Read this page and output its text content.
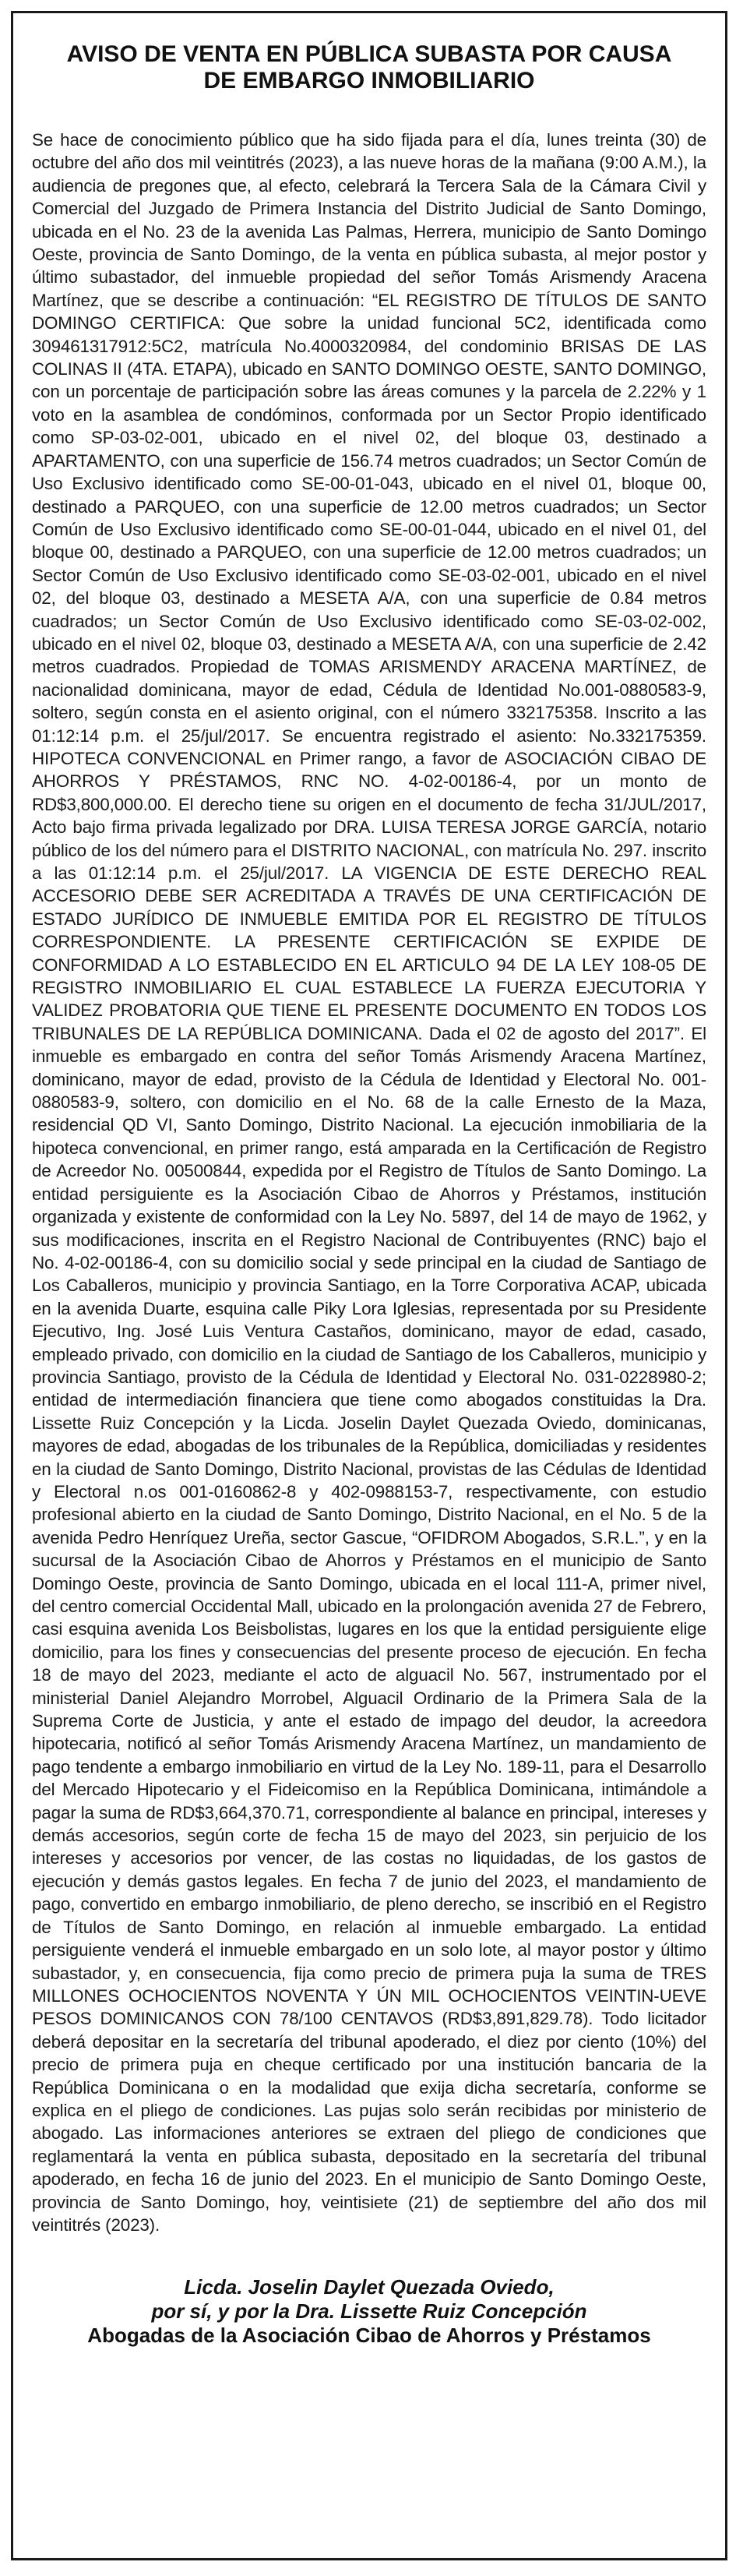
AVISO DE VENTA EN PÚBLICA SUBASTA POR CAUSA
DE EMBARGO INMOBILIARIO

Se hace de conocimiento público que ha sido fijada para el día, lunes treinta (30) de octubre del año dos mil veintitrés (2023), a las nueve horas de la mañana (9:00 A.M.), la audiencia de pregones que, al efecto, celebrará la Tercera Sala de la Cámara Civil y Comercial del Juzgado de Primera Instancia del Distrito Judicial de Santo Domingo, ubicada en el No. 23 de la avenida Las Palmas, Herrera, municipio de Santo Domingo Oeste, provincia de Santo Domingo, de la venta en pública subasta, al mejor postor y último subastador, del inmueble propiedad del señor Tomás Arismendy Aracena Martínez, que se describe a continuación: “EL REGISTRO DE TÍTULOS DE SANTO DOMINGO CERTIFICA: Que sobre la unidad funcional 5C2, identificada como 309461317912:5C2, matrícula No.4000320984, del condominio BRISAS DE LAS COLINAS II (4TA. ETAPA), ubicado en SANTO DOMINGO OESTE, SANTO DOMINGO, con un porcentaje de participación sobre las áreas comunes y la parcela de 2.22% y 1 voto en la asamblea de condóminos, conformada por un Sector Propio identificado como SP-03-02-001, ubicado en el nivel 02, del bloque 03, destinado a APARTAMENTO, con una superficie de 156.74 metros cuadrados; un Sector Común de Uso Exclusivo identificado como SE-00-01-043, ubicado en el nivel 01, bloque 00, destinado a PARQUEO, con una superficie de 12.00 metros cuadrados; un Sector Común de Uso Exclusivo identificado como SE-00-01-044, ubicado en el nivel 01, del bloque 00, destinado a PARQUEO, con una superficie de 12.00 metros cuadrados; un Sector Común de Uso Exclusivo identificado como SE-03-02-001, ubicado en el nivel 02, del bloque 03, destinado a MESETA A/A, con una superficie de 0.84 metros cuadrados; un Sector Común de Uso Exclusivo identificado como SE-03-02-002, ubicado en el nivel 02, bloque 03, destinado a MESETA A/A, con una superficie de 2.42 metros cuadrados. Propiedad de TOMAS ARISMENDY ARACENA MARTÍNEZ, de nacionalidad dominicana, mayor de edad, Cédula de Identidad No.001-0880583-9, soltero, según consta en el asiento original, con el número 332175358. Inscrito a las 01:12:14 p.m. el 25/jul/2017. Se encuentra registrado el asiento: No.332175359. HIPOTECA CONVENCIONAL en Primer rango, a favor de ASOCIACIÓN CIBAO DE AHORROS Y PRÉSTAMOS, RNC NO. 4-02-00186-4, por un monto de RD$3,800,000.00. El derecho tiene su origen en el documento de fecha 31/JUL/2017, Acto bajo firma privada legalizado por DRA. LUISA TERESA JORGE GARCÍA, notario público de los del número para el DISTRITO NACIONAL, con matrícula No. 297. inscrito a las 01:12:14 p.m. el 25/jul/2017. LA VIGENCIA DE ESTE DERECHO REAL ACCESORIO DEBE SER ACREDITADA A TRAVÉS DE UNA CERTIFICACIÓN DE ESTADO JURÍDICO DE INMUEBLE EMITIDA POR EL REGISTRO DE TÍTULOS CORRESPONDIENTE. LA PRESENTE CERTIFICACIÓN SE EXPIDE DE CONFORMIDAD A LO ESTABLECIDO EN EL ARTICULO 94 DE LA LEY 108-05 DE REGISTRO INMOBILIARIO EL CUAL ESTABLECE LA FUERZA EJECUTORIA Y VALIDEZ PROBATORIA QUE TIENE EL PRESENTE DOCUMENTO EN TODOS LOS TRIBUNALES DE LA REPÚBLICA DOMINICANA. Dada el 02 de agosto del 2017”. El inmueble es embargado en contra del señor Tomás Arismendy Aracena Martínez, dominicano, mayor de edad, provisto de la Cédula de Identidad y Electoral No. 001-0880583-9, soltero, con domicilio en el No. 68 de la calle Ernesto de la Maza, residencial QD VI, Santo Domingo, Distrito Nacional. La ejecución inmobiliaria de la hipoteca convencional, en primer rango, está amparada en la Certificación de Registro de Acreedor No. 00500844, expedida por el Registro de Títulos de Santo Domingo. La entidad persiguiente es la Asociación Cibao de Ahorros y Préstamos, institución organizada y existente de conformidad con la Ley No. 5897, del 14 de mayo de 1962, y sus modificaciones, inscrita en el Registro Nacional de Contribuyentes (RNC) bajo el No. 4-02-00186-4, con su domicilio social y sede principal en la ciudad de Santiago de Los Caballeros, municipio y provincia Santiago, en la Torre Corporativa ACAP, ubicada en la avenida Duarte, esquina calle Piky Lora Iglesias, representada por su Presidente Ejecutivo, Ing. José Luis Ventura Castaños, dominicano, mayor de edad, casado, empleado privado, con domicilio en la ciudad de Santiago de los Caballeros, municipio y provincia Santiago, provisto de la Cédula de Identidad y Electoral No. 031-0228980-2; entidad de intermediación financiera que tiene como abogados constituidas la Dra. Lissette Ruiz Concepción y la Licda. Joselin Daylet Quezada Oviedo, dominicanas, mayores de edad, abogadas de los tribunales de la República, domiciliadas y residentes en la ciudad de Santo Domingo, Distrito Nacional, provistas de las Cédulas de Identidad y Electoral n.os 001-0160862-8 y 402-0988153-7, respectivamente, con estudio profesional abierto en la ciudad de Santo Domingo, Distrito Nacional, en el No. 5 de la avenida Pedro Henríquez Ureña, sector Gascue, “OFIDROM Abogados, S.R.L.”, y en la sucursal de la Asociación Cibao de Ahorros y Préstamos en el municipio de Santo Domingo Oeste, provincia de Santo Domingo, ubicada en el local 111-A, primer nivel, del centro comercial Occidental Mall, ubicado en la prolongación avenida 27 de Febrero, casi esquina avenida Los Beisbolistas, lugares en los que la entidad persiguiente elige domicilio, para los fines y consecuencias del presente proceso de ejecución. En fecha 18 de mayo del 2023, mediante el acto de alguacil No. 567, instrumentado por el ministerial Daniel Alejandro Morrobel, Alguacil Ordinario de la Primera Sala de la Suprema Corte de Justicia, y ante el estado de impago del deudor, la acreedora hipotecaria, notificó al señor Tomás Arismendy Aracena Martínez, un mandamiento de pago tendente a embargo inmobiliario en virtud de la Ley No. 189-11, para el Desarrollo del Mercado Hipotecario y el Fideicomiso en la República Dominicana, intimándole a pagar la suma de RD$3,664,370.71, correspondiente al balance en principal, intereses y demás accesorios, según corte de fecha 15 de mayo del 2023, sin perjuicio de los intereses y accesorios por vencer, de las costas no liquidadas, de los gastos de ejecución y demás gastos legales. En fecha 7 de junio del 2023, el mandamiento de pago, convertido en embargo inmobiliario, de pleno derecho, se inscribió en el Registro de Títulos de Santo Domingo, en relación al inmueble embargado. La entidad persiguiente venderá el inmueble embargado en un solo lote, al mayor postor y último subastador, y, en consecuencia, fija como precio de primera puja la suma de TRES MILLONES OCHOCIENTOS NOVENTA Y ÚN MIL OCHOCIENTOS VEINTIN-UEVE PESOS DOMINICANOS CON 78/100 CENTAVOS (RD$3,891,829.78). Todo licitador deberá depositar en la secretaría del tribunal apoderado, el diez por ciento (10%) del precio de primera puja en cheque certificado por una institución bancaria de la República Dominicana o en la modalidad que exija dicha secretaría, conforme se explica en el pliego de condiciones. Las pujas solo serán recibidas por ministerio de abogado. Las informaciones anteriores se extraen del pliego de condiciones que reglamentará la venta en pública subasta, depositado en la secretaría del tribunal apoderado, en fecha 16 de junio del 2023. En el municipio de Santo Domingo Oeste, provincia de Santo Domingo, hoy, veintisiete (21) de septiembre del año dos mil veintitrés (2023).

Licda. Joselin Daylet Quezada Oviedo,
por sí, y por la Dra. Lissette Ruiz Concepción
Abogadas de la Asociación Cibao de Ahorros y Préstamos
